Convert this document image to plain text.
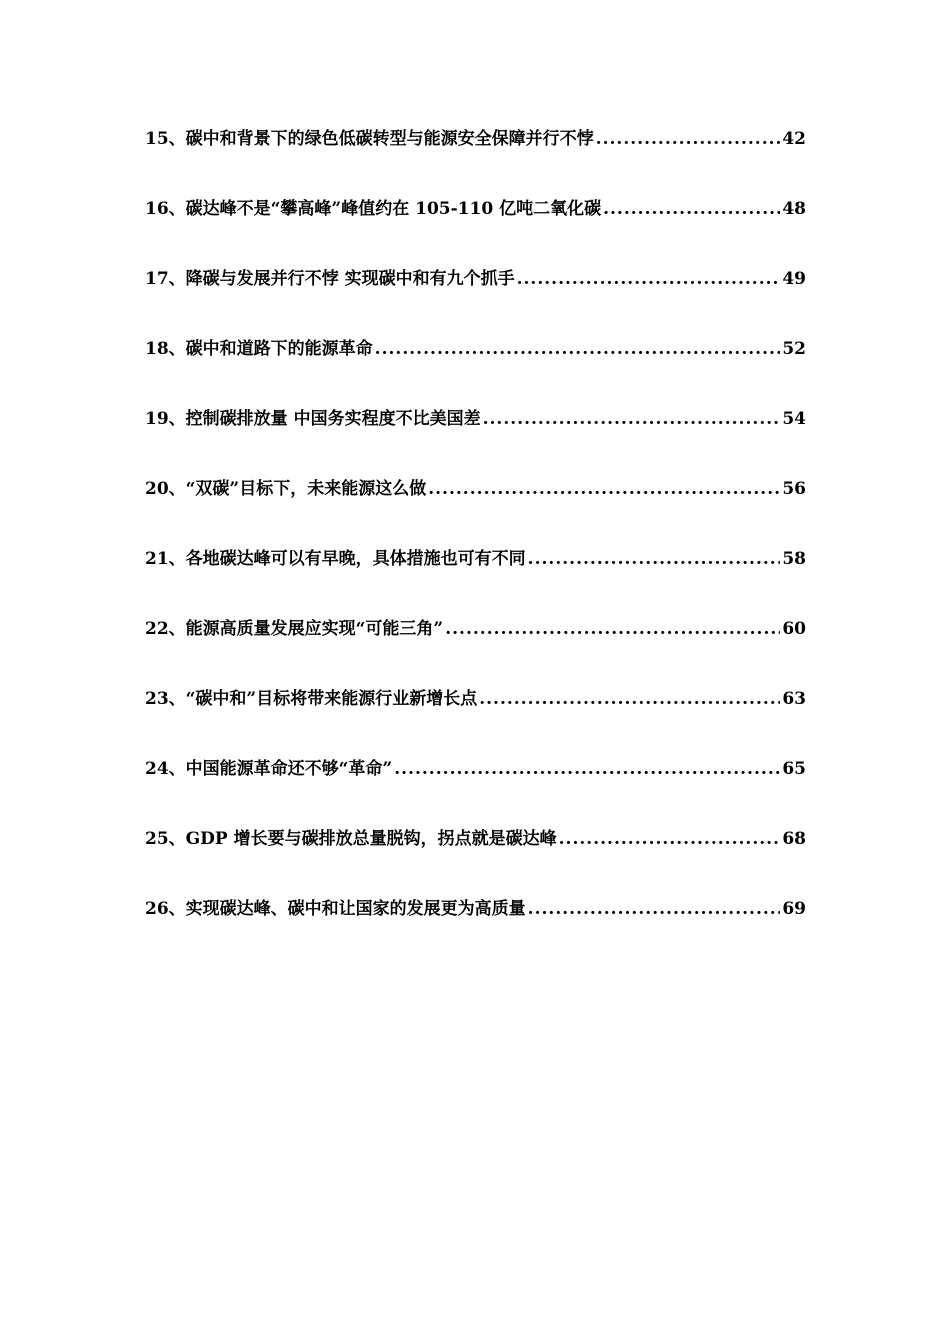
15、碳中和背景下的绿色低碳转型与能源安全保障并行不悖 .....	42
16、碳达峰不是“攀高峰”峰值约在 105-110 亿吨二氧化碳 .....	48
17、降碳与发展并行不悖 实现碳中和有九个抓手 .....	49
18、碳中和道路下的能源革命 .....	52
19、控制碳排放量 中国务实程度不比美国差 .....	54
20、“双碳”目标下，未来能源这么做 .....	56
21、各地碳达峰可以有早晚，具体措施也可有不同 .....	58
22、能源高质量发展应实现“可能三角” .....	60
23、“碳中和”目标将带来能源行业新增长点 .....	63
24、中国能源革命还不够“革命” .....	65
25、GDP 增长要与碳排放总量脱钩，拐点就是碳达峰 .....	68
26、实现碳达峰、碳中和让国家的发展更为高质量 .....	69
